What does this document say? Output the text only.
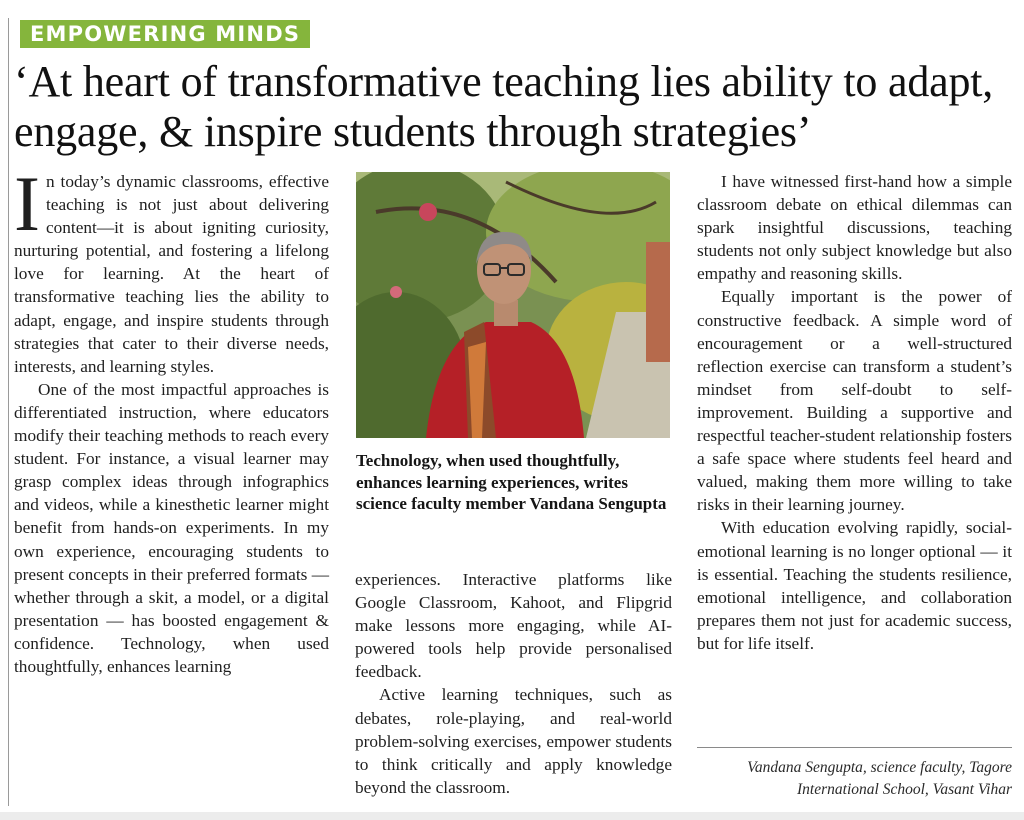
EMPOWERING MINDS
‘At heart of transformative teaching lies ability to adapt, engage, & inspire students through strategies’

In today’s dynamic classrooms, effective teaching is not just about delivering content—it is about igniting curiosity, nurturing potential, and fostering a lifelong love for learning. At the heart of transformative teaching lies the ability to adapt, engage, and inspire students through strategies that cater to their diverse needs, interests, and learning styles.

One of the most impactful approaches is differentiated instruction, where educators modify their teaching methods to reach every student. For instance, a visual learner may grasp complex ideas through infographics and videos, while a kinesthetic learner might benefit from hands-on experiments. In my own experience, encouraging students to present concepts in their preferred formats — whether through a skit, a model, or a digital presentation — has boosted engagement & confidence. Technology, when used thoughtfully, enhances learning

Technology, when used thoughtfully, enhances learning experiences, writes science faculty member Vandana Sengupta

experiences. Interactive platforms like Google Classroom, Kahoot, and Flipgrid make lessons more engaging, while AI-powered tools help provide personalised feedback.

Active learning techniques, such as debates, role-playing, and real-world problem-solving exercises, empower students to think critically and apply knowledge beyond the classroom.

I have witnessed first-hand how a simple classroom debate on ethical dilemmas can spark insightful discussions, teaching students not only subject knowledge but also empathy and reasoning skills.

Equally important is the power of constructive feedback. A simple word of encouragement or a well-structured reflection exercise can transform a student’s mindset from self-doubt to self-improvement. Building a supportive and respectful teacher-student relationship fosters a safe space where students feel heard and valued, making them more willing to take risks in their learning journey.

With education evolving rapidly, social-emotional learning is no longer optional — it is essential. Teaching the students resilience, emotional intelligence, and collaboration prepares them not just for academic success, but for life itself.

Vandana Sengupta, science faculty, Tagore International School, Vasant Vihar
